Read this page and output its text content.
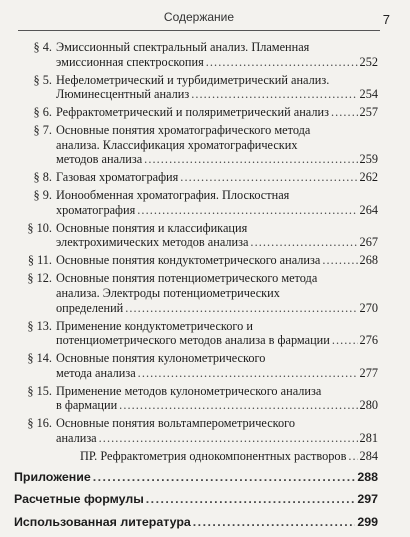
Содержание	7
§ 4. Эмиссионный спектральный анализ. Пламенная
эмиссионная спектроскопия . . .	252
§ 5. Нефелометрический и турбидиметрический анализ.
Люминесцентный анализ . . .	254
§ 6. Рефрактометрический и поляриметрический анализ . . . 257
§ 7. Основные понятия хроматографического метода
анализа. Классификация хроматографических
методов анализа . . .	259
§ 8. Газовая хроматография . . .	262
§ 9. Ионообменная хроматография. Плоскостная
хроматография . . .	264
§ 10. Основные понятия и классификация
электрохимических методов анализа . . .	267
§ 11. Основные понятия кондуктометрического анализа . . .	268
§ 12. Основные понятия потенциометрического метода
анализа. Электроды потенциометрических
определений . . .	270
§ 13. Применение кондуктометрического и
потенциометрического методов анализа в фармации . . . 276
§ 14. Основные понятия кулонометрического
метода анализа . . .	277
§ 15. Применение методов кулонометрического анализа
в фармации . . .	280
§ 16. Основные понятия вольтамперометрического
анализа . . .	281
ПР. Рефрактометрия однокомпонентных растворов . . . 284
Приложение . . .	288
Расчетные формулы . . .	297
Использованная литература . . .	299
